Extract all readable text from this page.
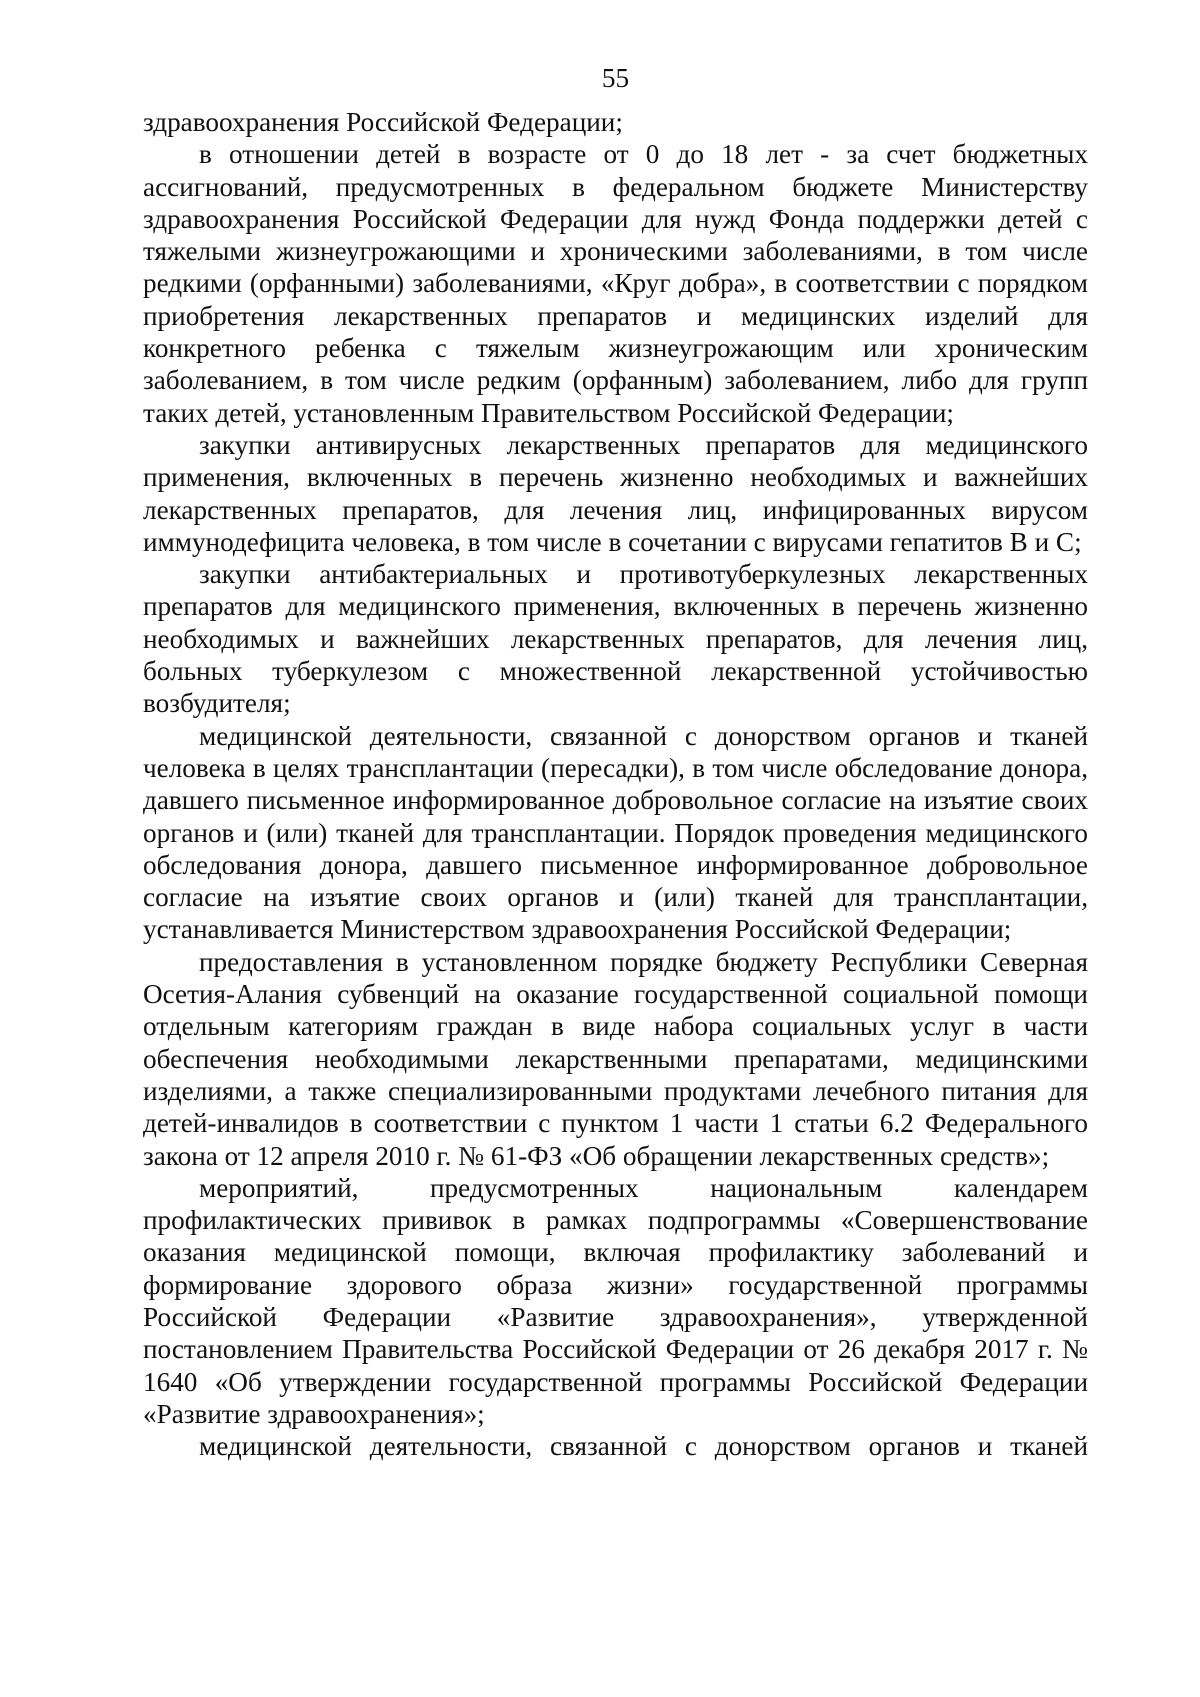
55

здравоохранения Российской Федерации;

в отношении детей в возрасте от 0 до 18 лет - за счет бюджетных ассигнований, предусмотренных в федеральном бюджете Министерству здравоохранения Российской Федерации для нужд Фонда поддержки детей с тяжелыми жизнеугрожающими и хроническими заболеваниями, в том числе редкими (орфанными) заболеваниями, «Круг добра», в соответствии с порядком приобретения лекарственных препаратов и медицинских изделий для конкретного ребенка с тяжелым жизнеугрожающим или хроническим заболеванием, в том числе редким (орфанным) заболеванием, либо для групп таких детей, установленным Правительством Российской Федерации;

закупки антивирусных лекарственных препаратов для медицинского применения, включенных в перечень жизненно необходимых и важнейших лекарственных препаратов, для лечения лиц, инфицированных вирусом иммунодефицита человека, в том числе в сочетании с вирусами гепатитов B и C;

закупки антибактериальных и противотуберкулезных лекарственных препаратов для медицинского применения, включенных в перечень жизненно необходимых и важнейших лекарственных препаратов, для лечения лиц, больных туберкулезом с множественной лекарственной устойчивостью возбудителя;

медицинской деятельности, связанной с донорством органов и тканей человека в целях трансплантации (пересадки), в том числе обследование донора, давшего письменное информированное добровольное согласие на изъятие своих органов и (или) тканей для трансплантации. Порядок проведения медицинского обследования донора, давшего письменное информированное добровольное согласие на изъятие своих органов и (или) тканей для трансплантации, устанавливается Министерством здравоохранения Российской Федерации;

предоставления в установленном порядке бюджету Республики Северная Осетия-Алания субвенций на оказание государственной социальной помощи отдельным категориям граждан в виде набора социальных услуг в части обеспечения необходимыми лекарственными препаратами, медицинскими изделиями, а также специализированными продуктами лечебного питания для детей-инвалидов в соответствии с пунктом 1 части 1 статьи 6.2 Федерального закона от 12 апреля 2010 г. № 61-ФЗ «Об обращении лекарственных средств»;

мероприятий, предусмотренных национальным календарем профилактических прививок в рамках подпрограммы «Совершенствование оказания медицинской помощи, включая профилактику заболеваний и формирование здорового образа жизни» государственной программы Российской Федерации «Развитие здравоохранения», утвержденной постановлением Правительства Российской Федерации от 26 декабря 2017 г. № 1640 «Об утверждении государственной программы Российской Федерации «Развитие здравоохранения»;

медицинской деятельности, связанной с донорством органов и тканей
